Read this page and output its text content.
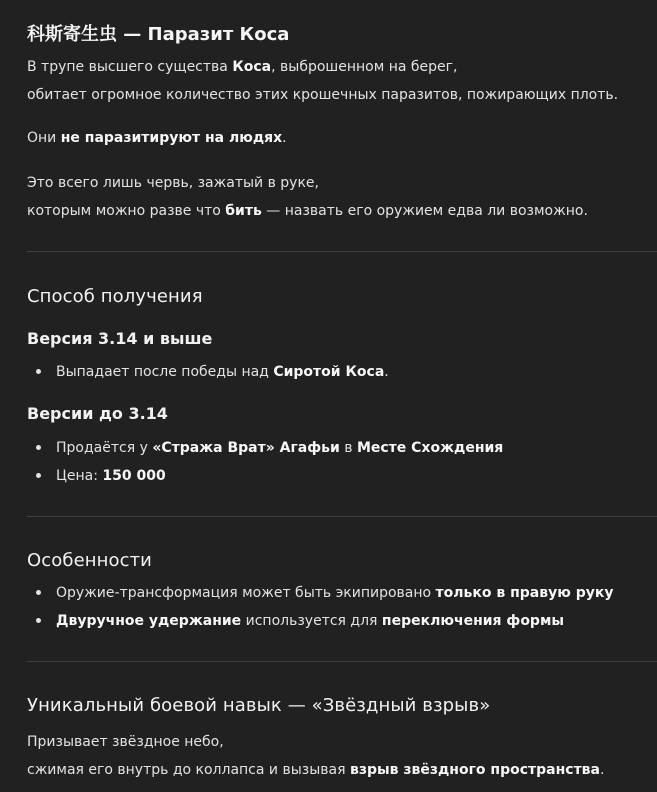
科斯寄生虫 — Паразит Коса

В трупе высшего существа Коса, выброшенном на берег,

обитает огромное количество этих крошечных паразитов, пожирающих плоть.

Они не паразитируют на людях.

Это всего лишь червь, зажатый в руке,

которым можно разве что бить — назвать его оружием едва ли возможно.

Способ получения
Версия 3.14 и выше
Выпадает после победы над Сиротой Коса.
Версии до 3.14
Продаётся у «Стража Врат» Агафьи в Месте Схождения
Цена: 150 000
Особенности
Оружие-трансформация может быть экипировано только в правую руку
Двуручное удержание используется для переключения формы
Уникальный боевой навык — «Звёздный взрыв»

Призывает звёздное небо,

сжимая его внутрь до коллапса и вызывая взрыв звёздного пространства.
